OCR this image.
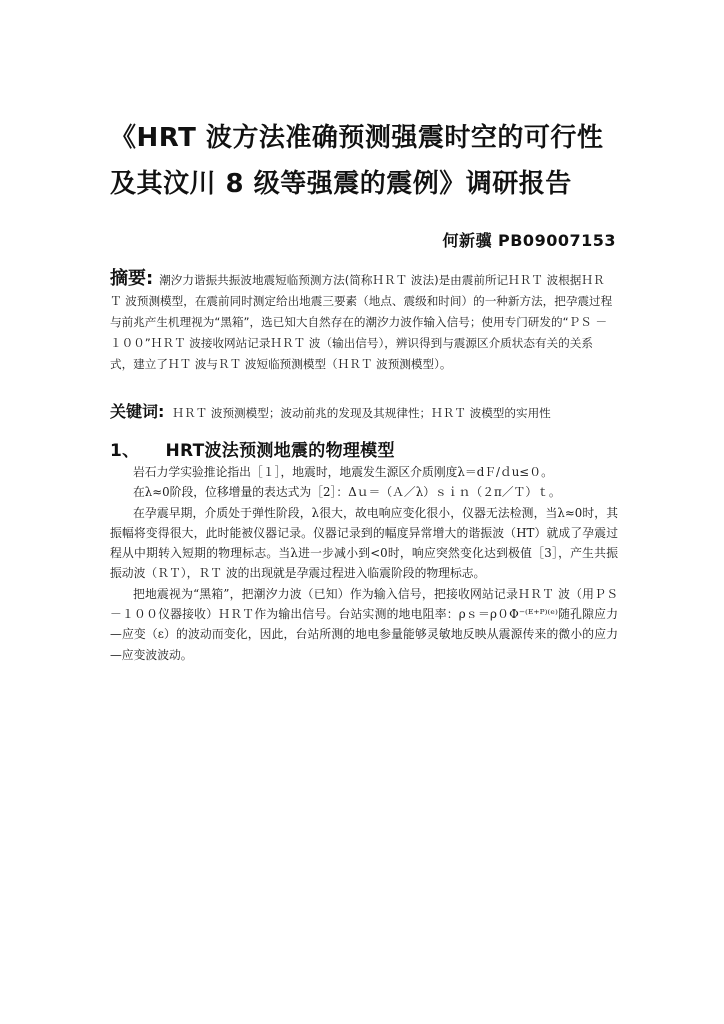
《HRT 波方法准确预测强震时空的可行性
及其汶川 8 级等强震的震例》调研报告
何新骥 PB09007153
摘要: 潮汐力谐振共振波地震短临预测方法(简称ＨＲＴ 波法)是由震前所记ＨＲＴ 波根据ＨＲＴ 波预测模型，在震前同时测定给出地震三要素（地点、震级和时间）的一种新方法，把孕震过程与前兆产生机理视为“黑箱”，选已知大自然存在的潮汐力波作输入信号；使用专门研发的“ＰＳ －１００”ＨＲＴ 波接收网站记录ＨＲＴ 波（输出信号），辨识得到与震源区介质状态有关的关系式，建立了ＨＴ 波与ＲＴ 波短临预测模型（ＨＲＴ 波预测模型）。
关键词: ＨＲＴ 波预测模型；波动前兆的发现及其规律性；ＨＲＴ 波模型的实用性
1、 HRT波法预测地震的物理模型

岩石力学实验推论指出［１］，地震时，地震发生源区介质刚度λ＝dＦ/ｄu≤０。

在λ≈0阶段，位移增量的表达式为［2］：Δｕ＝（Ａ／λ）ｓｉｎ（２π／Ｔ）ｔ。

在孕震早期，介质处于弹性阶段，λ很大，故电响应变化很小，仪器无法检测，当λ≈0时，其振幅将变得很大，此时能被仪器记录。仪器记录到的幅度异常增大的谐振波（HT）就成了孕震过程从中期转入短期的物理标志。当λ进一步减小到<0时，响应突然变化达到极值［3］，产生共振振动波（ＲＴ），ＲＴ 波的出现就是孕震过程进入临震阶段的物理标志。

把地震视为“黑箱”，把潮汐力波（已知）作为输入信号，把接收网站记录ＨＲＴ 波（用ＰＳ －１００仪器接收）ＨＲＴ作为输出信号。台站实测的地电阻率：ρｓ＝ρ０Φ⁻⁽ᴱ⁺ᴾ⁾⁽ᵉ⁾随孔隙应力—应变（ε）的波动而变化，因此，台站所测的地电参量能够灵敏地反映从震源传来的微小的应力—应变波波动。
